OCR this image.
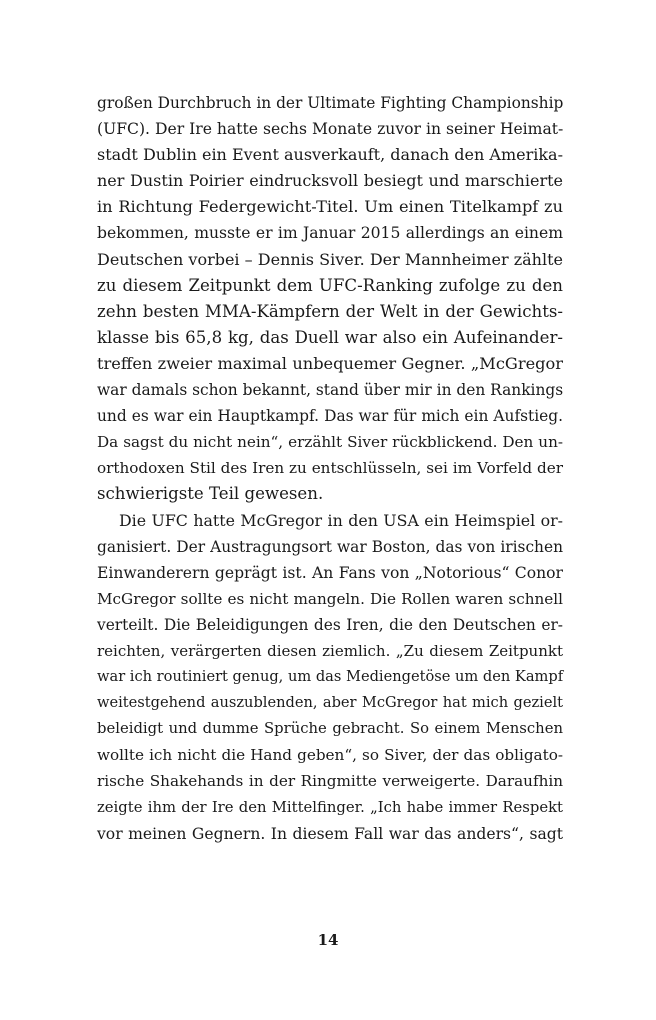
großen Durchbruch in der Ultimate Fighting Championship
(UFC). Der Ire hatte sechs Monate zuvor in seiner Heimat-
stadt Dublin ein Event ausverkauft, danach den Amerika-
ner Dustin Poirier eindrucksvoll besiegt und marschierte
in Richtung Federgewicht-Titel. Um einen Titelkampf zu
bekommen, musste er im Januar 2015 allerdings an einem
Deutschen vorbei – Dennis Siver. Der Mannheimer zählte
zu diesem Zeitpunkt dem UFC-Ranking zufolge zu den
zehn besten MMA-Kämpfern der Welt in der Gewichts-
klasse bis 65,8 kg, das Duell war also ein Aufeinander-
treffen zweier maximal unbequemer Gegner. „McGregor
war damals schon bekannt, stand über mir in den Rankings
und es war ein Hauptkampf. Das war für mich ein Aufstieg.
Da sagst du nicht nein“, erzählt Siver rückblickend. Den un-
orthodoxen Stil des Iren zu entschlüsseln, sei im Vorfeld der
schwierigste Teil gewesen.
Die UFC hatte McGregor in den USA ein Heimspiel or-
ganisiert. Der Austragungsort war Boston, das von irischen
Einwanderern geprägt ist. An Fans von „Notorious“ Conor
McGregor sollte es nicht mangeln. Die Rollen waren schnell
verteilt. Die Beleidigungen des Iren, die den Deutschen er-
reichten, verärgerten diesen ziemlich. „Zu diesem Zeitpunkt
war ich routiniert genug, um das Mediengetöse um den Kampf
weitestgehend auszublenden, aber McGregor hat mich gezielt
beleidigt und dumme Sprüche gebracht. So einem Menschen
wollte ich nicht die Hand geben“, so Siver, der das obligato-
rische Shakehands in der Ringmitte verweigerte. Daraufhin
zeigte ihm der Ire den Mittelfinger. „Ich habe immer Respekt
vor meinen Gegnern. In diesem Fall war das anders“, sagt
14
